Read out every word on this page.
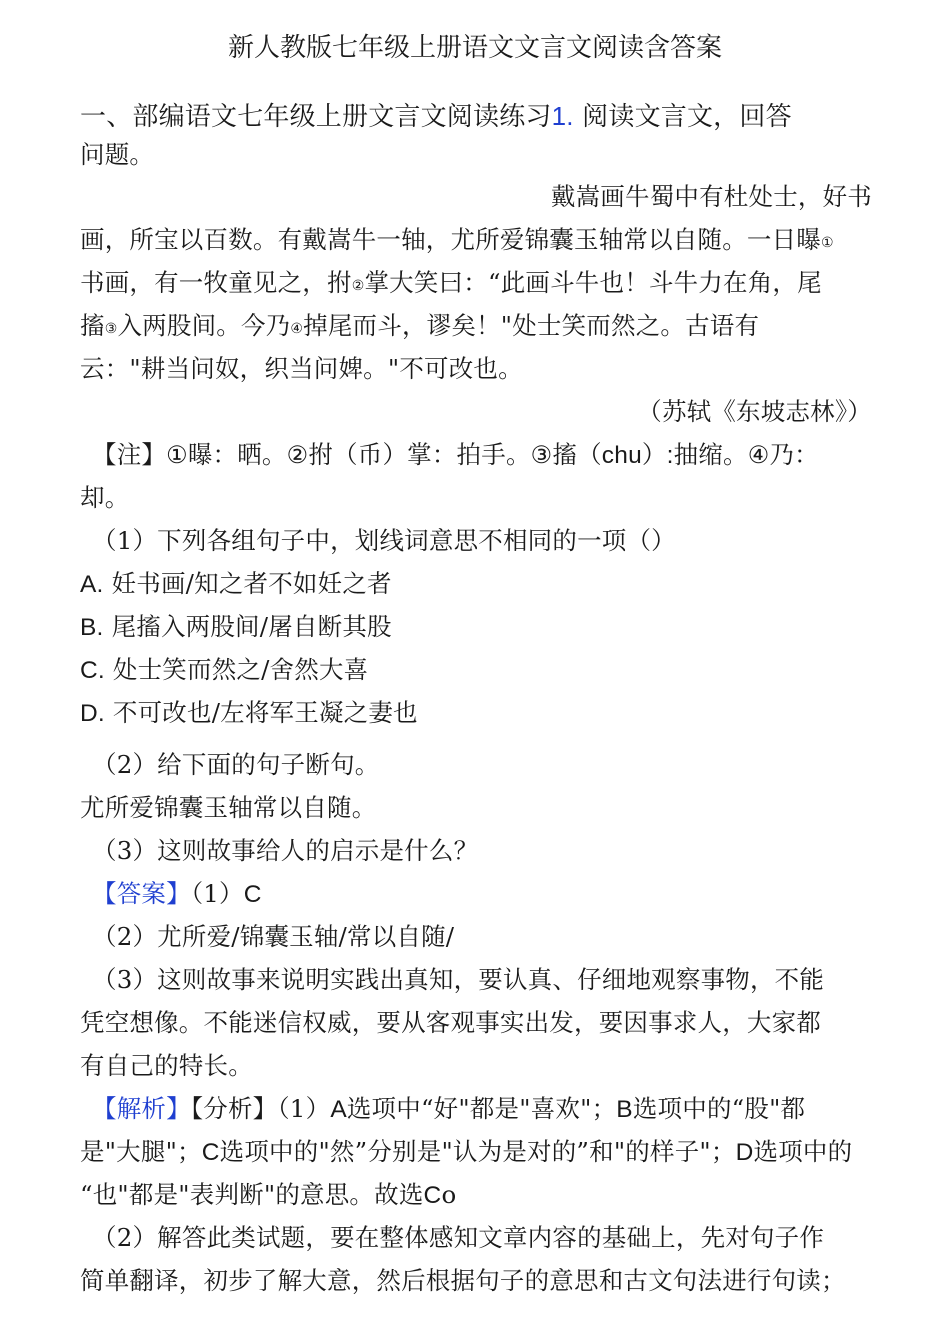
新人教版七年级上册语文文言文阅读含答案
一、部编语文七年级上册文言文阅读练习1. 阅读文言文，回答
问题。
戴嵩画牛蜀中有杜处士，好书
画，所宝以百数。有戴嵩牛一轴，尤所爱锦囊玉轴常以自随。一日曝①
书画，有一牧童见之，拊②掌大笑曰：“此画斗牛也！斗牛力在角，尾
搐③入两股间。今乃④掉尾而斗，谬矣！"处士笑而然之。古语有
云："耕当问奴，织当问婢。"不可改也。
（苏轼《东坡志林》）
【注】①曝：晒。②拊（币）掌：拍手。③搐（chu）:抽缩。④乃：
却。
（1）下列各组句子中，划线词意思不相同的一项（）
A. 妊书画/知之者不如妊之者
B. 尾搐入两股间/屠自断其股
C. 处士笑而然之/舍然大喜
D. 不可改也/左将军王凝之妻也
（2）给下面的句子断句。
尤所爱锦囊玉轴常以自随。
（3）这则故事给人的启示是什么？
【答案】（1）C
（2）尤所爱/锦囊玉轴/常以自随/
（3）这则故事来说明实践出真知，要认真、仔细地观察事物，不能
凭空想像。不能迷信权威，要从客观事实出发，要因事求人，大家都
有自己的特长。
【解析】【分析】（1）A选项中“好"都是"喜欢"；B选项中的“股"都
是"大腿"；C选项中的"然”分别是"认为是对的”和"的样子"；D选项中的
“也"都是"表判断"的意思。故选Co
（2）解答此类试题，要在整体感知文章内容的基础上，先对句子作
简单翻译，初步了解大意，然后根据句子的意思和古文句法进行句读；
